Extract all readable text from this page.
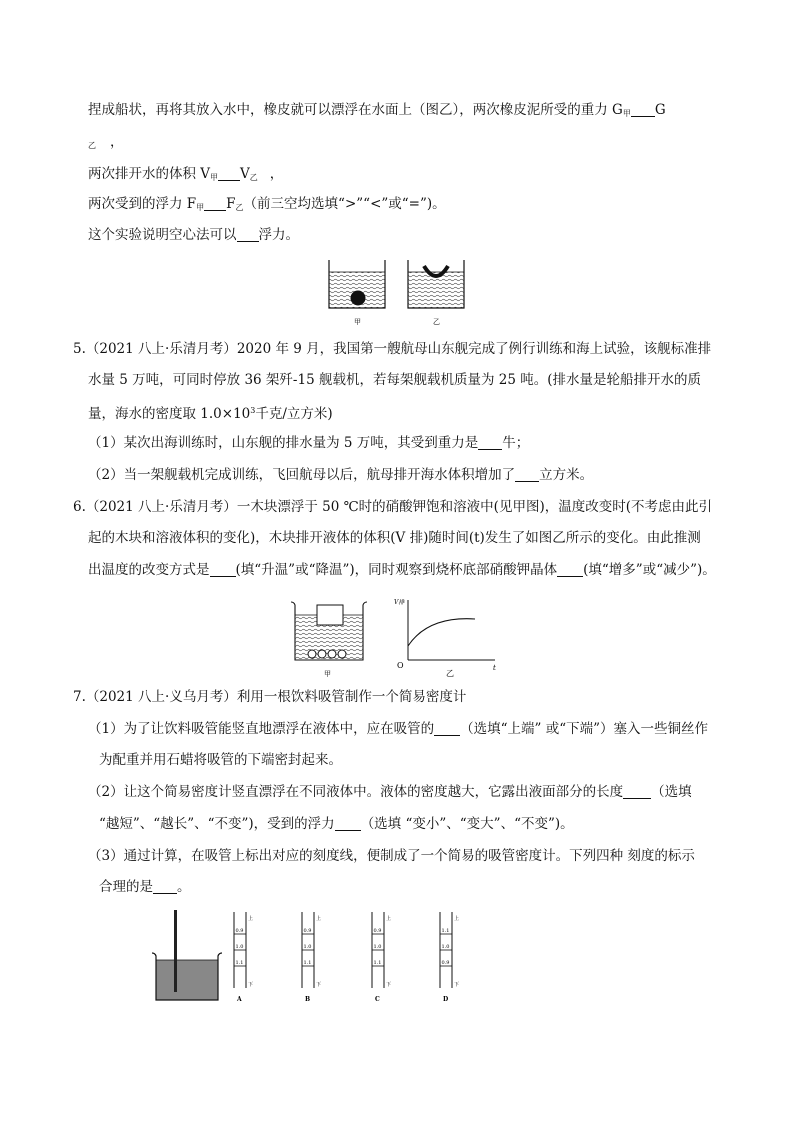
捏成船状，再将其放入水中，橡皮就可以漂浮在水面上（图乙），两次橡皮泥所受的重力 $G_甲$ G
$_乙$ ，
两次排开水的体积 $V_甲$ $V_乙$ ，
两次受到的浮力 $F_甲$ $F_乙$（前三空均选填“>”“<”或“=”)。
这个实验说明空心法可以 浮力。
甲	乙
5.（2021 八上·乐清月考）2020 年 9 月，我国第一艘航母山东舰完成了例行训练和海上试验，该舰标准排
水量 5 万吨，可同时停放 36 架歼-15 舰载机，若每架舰载机质量为 25 吨。(排水量是轮船排开水的质
量，海水的密度取 $1.0\times 10^3$千克/立方米)
（1）某次出海训练时，山东舰的排水量为 5 万吨，其受到重力是 牛；
（2）当一架舰载机完成训练，飞回航母以后，航母排开海水体积增加了 立方米。
6.（2021 八上·乐清月考）一木块漂浮于 50 ℃时的硝酸钾饱和溶液中(见甲图)，温度改变时(不考虑由此引
起的木块和溶液体积的变化)，木块排开液体的体积(V 排)随时间(t)发生了如图乙所示的变化。由此推测
出温度的改变方式是 (填“升温”或“降温”)，同时观察到烧杯底部硝酸钾晶体 (填“增多”或“减少”)。
甲
O	t
V排
乙
7.（2021 八上·义乌月考）利用一根饮料吸管制作一个简易密度计
（1）为了让饮料吸管能竖直地漂浮在液体中，应在吸管的 （选填“上端” 或“下端”）塞入一些铜丝作
为配重并用石蜡将吸管的下端密封起来。
（2）让这个简易密度计竖直漂浮在不同液体中。液体的密度越大，它露出液面部分的长度 （选填
“越短”、“越长”、“不变”)，受到的浮力 （选填 “变小”、“变大”、“不变”)。
（3）通过计算，在吸管上标出对应的刻度线，便制成了一个简易的吸管密度计。下列四种 刻度的标示
合理的是 。
上
下
0.9
1.0
1.1
A
上
下
0.9
1.0
1.1
B
上
下
0.9
1.0
1.1
C
上
下
1.1
1.0
0.9
D
